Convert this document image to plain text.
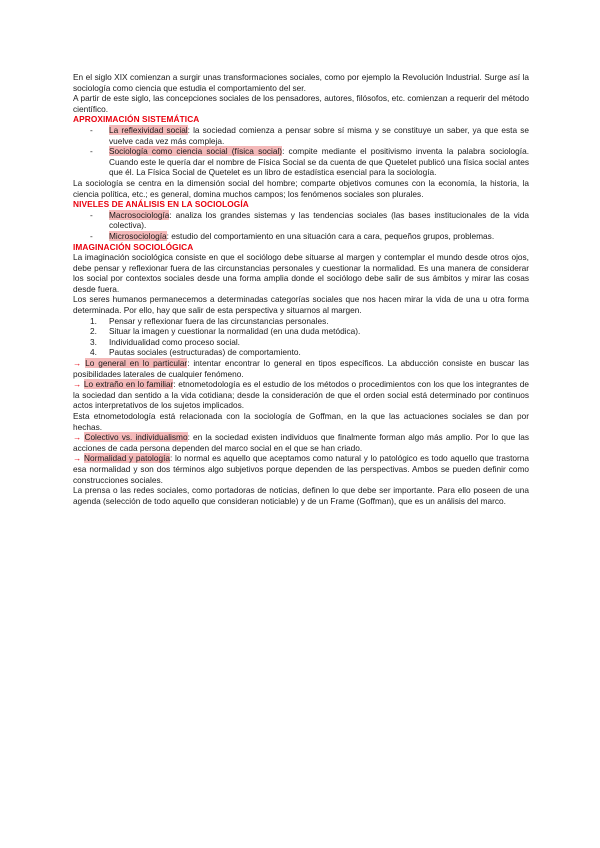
En el siglo XIX comienzan a surgir unas transformaciones sociales, como por ejemplo la Revolución Industrial. Surge así la sociología como ciencia que estudia el comportamiento del ser.

A partir de este siglo, las concepciones sociales de los pensadores, autores, filósofos, etc. comienzan a requerir del método científico.

APROXIMACIÓN SISTEMÁTICA
- La reflexividad social: la sociedad comienza a pensar sobre sí misma y se constituye un saber, ya que esta se vuelve cada vez más compleja.
- Sociología como ciencia social (física social): compite mediante el positivismo inventa la palabra sociología. Cuando este le quería dar el nombre de Física Social se da cuenta de que Quetelet publicó una física social antes que él. La Física Social de Quetelet es un libro de estadística esencial para la sociología.

La sociología se centra en la dimensión social del hombre; comparte objetivos comunes con la economía, la historia, la ciencia política, etc.; es general, domina muchos campos; los fenómenos sociales son plurales.

NIVELES DE ANÁLISIS EN LA SOCIOLOGÍA
- Macrosociología: analiza los grandes sistemas y las tendencias sociales (las bases institucionales de la vida colectiva).
- Microsociología: estudio del comportamiento en una situación cara a cara, pequeños grupos, problemas.
IMAGINACIÓN SOCIOLÓGICA

La imaginación sociológica consiste en que el sociólogo debe situarse al margen y contemplar el mundo desde otros ojos, debe pensar y reflexionar fuera de las circunstancias personales y cuestionar la normalidad. Es una manera de considerar los social por contextos sociales desde una forma amplia donde el sociólogo debe salir de sus ámbitos y mirar las cosas desde fuera.

Los seres humanos permanecemos a determinadas categorías sociales que nos hacen mirar la vida de una u otra forma determinada. Por ello, hay que salir de esta perspectiva y situarnos al margen.

1. Pensar y reflexionar fuera de las circunstancias personales.
2. Situar la imagen y cuestionar la normalidad (en una duda metódica).
3. Individualidad como proceso social.
4. Pautas sociales (estructuradas) de comportamiento.

→ Lo general en lo particular: intentar encontrar lo general en tipos específicos. La abducción consiste en buscar las posibilidades laterales de cualquier fenómeno.

→ Lo extraño en lo familiar: etnometodología es el estudio de los métodos o procedimientos con los que los integrantes de la sociedad dan sentido a la vida cotidiana; desde la consideración de que el orden social está determinado por continuos actos interpretativos de los sujetos implicados.

Esta etnometodología está relacionada con la sociología de Goffman, en la que las actuaciones sociales se dan por hechas.

→ Colectivo vs. individualismo: en la sociedad existen individuos que finalmente forman algo más amplio. Por lo que las acciones de cada persona dependen del marco social en el que se han criado.

→ Normalidad y patología: lo normal es aquello que aceptamos como natural y lo patológico es todo aquello que trastorna esa normalidad y son dos términos algo subjetivos porque dependen de las perspectivas. Ambos se pueden definir como construcciones sociales.

La prensa o las redes sociales, como portadoras de noticias, definen lo que debe ser importante. Para ello poseen de una agenda (selección de todo aquello que consideran noticiable) y de un Frame (Goffman), que es un análisis del marco.
